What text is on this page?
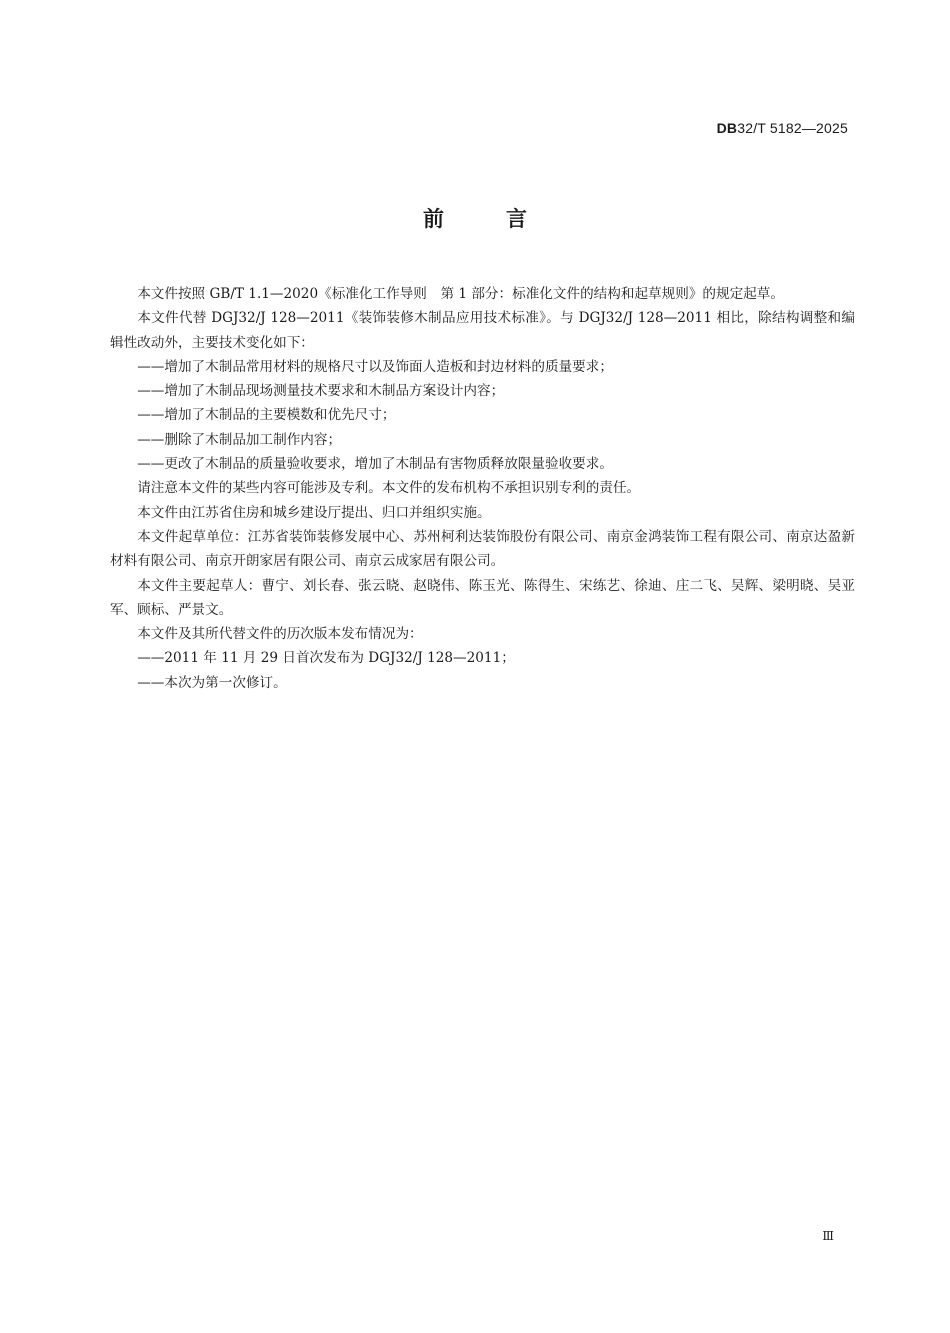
DB32/T 5182—2025
前言

本文件按照 GB/T 1.1—2020《标准化工作导则　第 1 部分：标准化文件的结构和起草规则》的规定起草。

本文件代替 DGJ32/J 128—2011《装饰装修木制品应用技术标准》。与 DGJ32/J 128—2011 相比，除结构调整和编辑性改动外，主要技术变化如下：

——增加了木制品常用材料的规格尺寸以及饰面人造板和封边材料的质量要求；

——增加了木制品现场测量技术要求和木制品方案设计内容；

——增加了木制品的主要模数和优先尺寸；

——删除了木制品加工制作内容；

——更改了木制品的质量验收要求，增加了木制品有害物质释放限量验收要求。

请注意本文件的某些内容可能涉及专利。本文件的发布机构不承担识别专利的责任。

本文件由江苏省住房和城乡建设厅提出、归口并组织实施。

本文件起草单位：江苏省装饰装修发展中心、苏州柯利达装饰股份有限公司、南京金鸿装饰工程有限公司、南京达盈新材料有限公司、南京开朗家居有限公司、南京云成家居有限公司。

本文件主要起草人：曹宁、刘长春、张云晓、赵晓伟、陈玉光、陈得生、宋练艺、徐迪、庄二飞、吴辉、梁明晓、吴亚军、顾标、严景文。

本文件及其所代替文件的历次版本发布情况为：

——2011 年 11 月 29 日首次发布为 DGJ32/J 128—2011；

——本次为第一次修订。

Ⅲ
